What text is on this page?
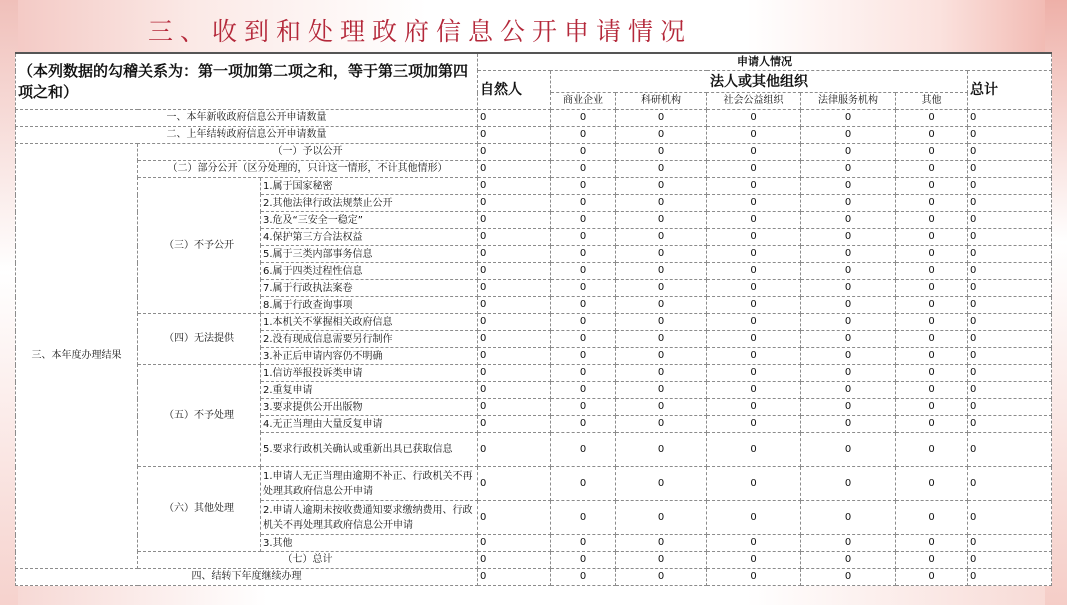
三、收到和处理政府信息公开申请情况
（本列数据的勾稽关系为：第一项加第二项之和，等于第三项加第四项之和）			申请人情况						
			自然人	法人或其他组织					总计
				商业企业	科研机构	社会公益组织	法律服务机构	其他	
一、本年新收政府信息公开申请数量			0	0	0	0	0	0	0
二、上年结转政府信息公开申请数量			0	0	0	0	0	0	0
三、本年度办理结果	（一）予以公开		0	0	0	0	0	0	0
	（二）部分公开（区分处理的，只计这一情形，不计其他情形）		0	0	0	0	0	0	0
	（三）不予公开	1.属于国家秘密	0	0	0	0	0	0	0
		2.其他法律行政法规禁止公开	0	0	0	0	0	0	0
		3.危及“三安全一稳定”	0	0	0	0	0	0	0
		4.保护第三方合法权益	0	0	0	0	0	0	0
		5.属于三类内部事务信息	0	0	0	0	0	0	0
		6.属于四类过程性信息	0	0	0	0	0	0	0
		7.属于行政执法案卷	0	0	0	0	0	0	0
		8.属于行政查询事项	0	0	0	0	0	0	0
	（四）无法提供	1.本机关不掌握相关政府信息	0	0	0	0	0	0	0
		2.没有现成信息需要另行制作	0	0	0	0	0	0	0
		3.补正后申请内容仍不明确	0	0	0	0	0	0	0
	（五）不予处理	1.信访举报投诉类申请	0	0	0	0	0	0	0
		2.重复申请	0	0	0	0	0	0	0
		3.要求提供公开出版物	0	0	0	0	0	0	0
		4.无正当理由大量反复申请	0	0	0	0	0	0	0
		5.要求行政机关确认或重新出具已获取信息	0	0	0	0	0	0	0
	（六）其他处理	1.申请人无正当理由逾期不补正、行政机关不再处理其政府信息公开申请	0	0	0	0	0	0	0
		2.申请人逾期未按收费通知要求缴纳费用、行政机关不再处理其政府信息公开申请	0	0	0	0	0	0	0
		3.其他	0	0	0	0	0	0	0
	（七）总计		0	0	0	0	0	0	0
四、结转下年度继续办理			0	0	0	0	0	0	0
